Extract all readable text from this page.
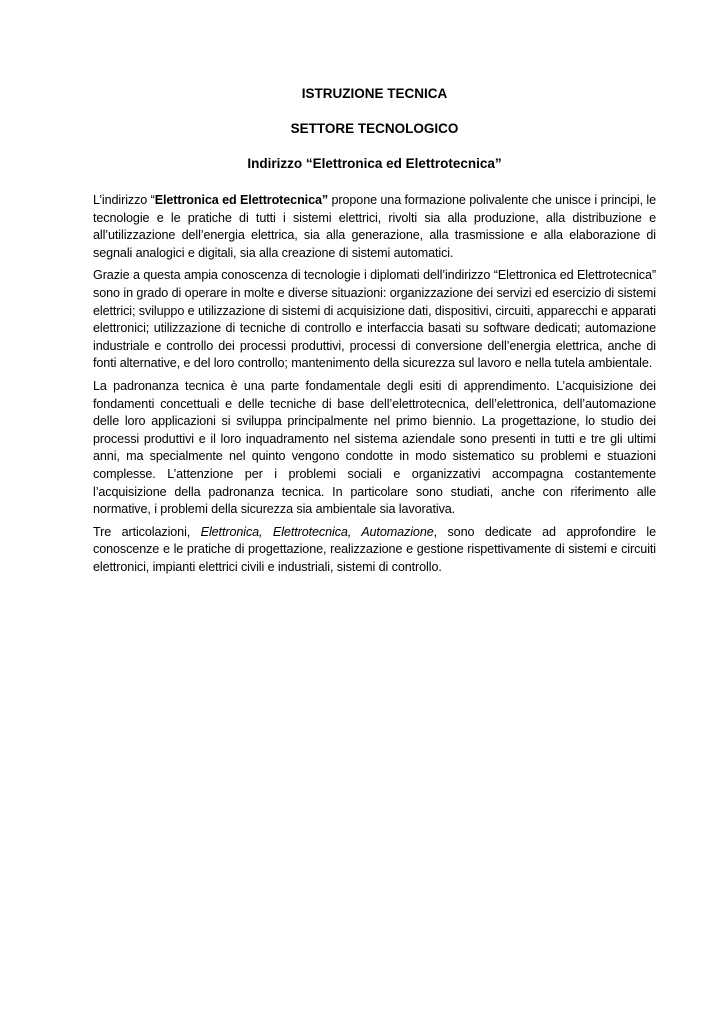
ISTRUZIONE TECNICA

SETTORE TECNOLOGICO

Indirizzo “Elettronica ed Elettrotecnica”

L’indirizzo “Elettronica ed Elettrotecnica” propone una formazione polivalente che unisce i principi, le tecnologie e le pratiche di tutti i sistemi elettrici, rivolti sia alla produzione, alla distribuzione e all’utilizzazione dell’energia elettrica, sia alla generazione, alla trasmissione e alla elaborazione di segnali analogici e digitali, sia alla creazione di sistemi automatici.

Grazie a questa ampia conoscenza di tecnologie i diplomati dell’indirizzo “Elettronica ed Elettrotecnica” sono in grado di operare in molte e diverse situazioni: organizzazione dei servizi ed esercizio di sistemi elettrici; sviluppo e utilizzazione di sistemi di acquisizione dati, dispositivi, circuiti, apparecchi e apparati elettronici; utilizzazione di tecniche di controllo e interfaccia basati su software dedicati; automazione industriale e controllo dei processi produttivi, processi di conversione dell’energia elettrica, anche di fonti alternative, e del loro controllo; mantenimento della sicurezza sul lavoro e nella tutela ambientale.

La padronanza tecnica è una parte fondamentale degli esiti di apprendimento. L’acquisizione dei fondamenti concettuali e delle tecniche di base dell’elettrotecnica, dell’elettronica, dell’automazione delle loro applicazioni si sviluppa principalmente nel primo biennio. La progettazione, lo studio dei processi produttivi e il loro inquadramento nel sistema aziendale sono presenti in tutti e tre gli ultimi anni, ma specialmente nel quinto vengono condotte in modo sistematico su problemi e stuazioni complesse. L’attenzione per i problemi sociali e organizzativi accompagna costantemente l’acquisizione della padronanza tecnica. In particolare sono studiati, anche con riferimento alle normative, i problemi della sicurezza sia ambientale sia lavorativa.

Tre articolazioni, Elettronica, Elettrotecnica, Automazione, sono dedicate ad approfondire le conoscenze e le pratiche di progettazione, realizzazione e gestione rispettivamente di sistemi e circuiti elettronici, impianti elettrici civili e industriali, sistemi di controllo.
